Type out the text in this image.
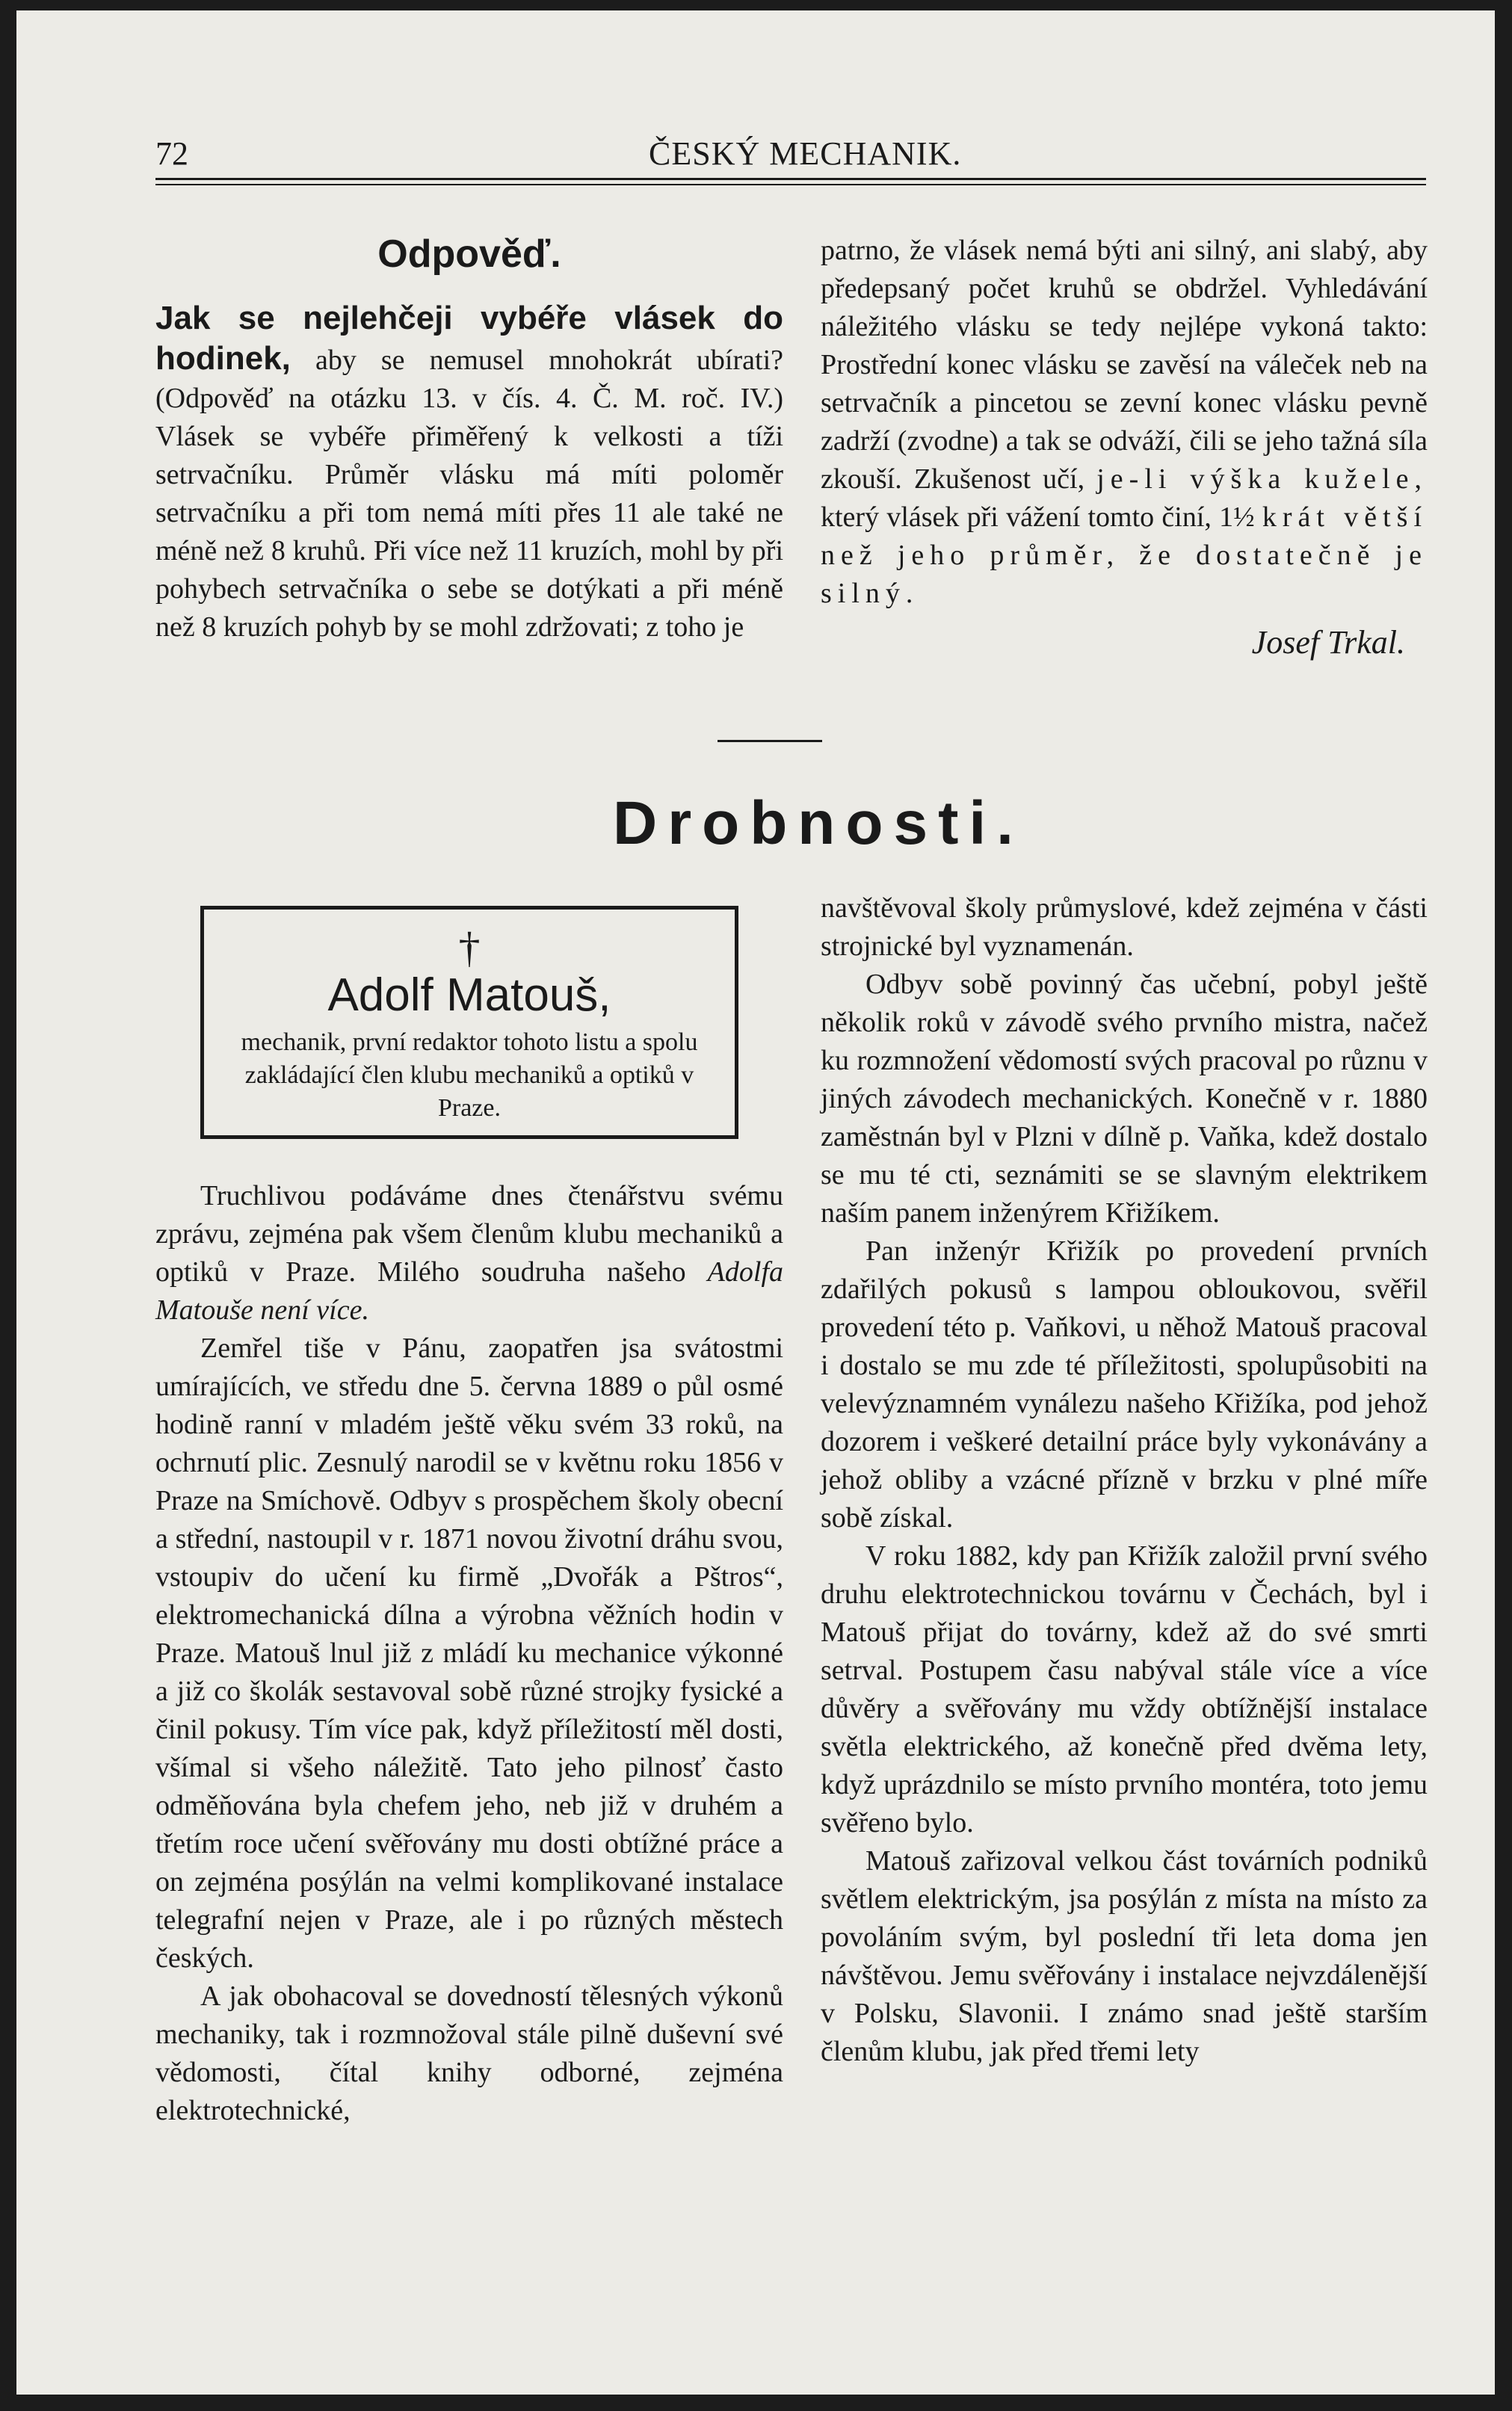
72	ČESKÝ MECHANIK.
Odpověď.

Jak se nejlehčeji vybéře vlásek do hodinek, aby se nemusel mnohokrát ubírati? (Odpověď na otázku 13. v čís. 4. Č. M. roč. IV.) Vlásek se vybéře přiměřený k velkosti a tíži setrvačníku. Průměr vlásku má míti poloměr setrvačníku a při tom nemá míti přes 11 ale také ne méně než 8 kruhů. Při více než 11 kruzích, mohl by při pohybech setrvačníka o sebe se dotýkati a při méně než 8 kruzích pohyb by se mohl zdržovati; z toho je

patrno, že vlásek nemá býti ani silný, ani slabý, aby předepsaný počet kruhů se obdržel. Vyhledávání náležitého vlásku se tedy nejlépe vykoná takto: Prostřední konec vlásku se zavěsí na váleček neb na setrvačník a pincetou se zevní konec vlásku pevně zadrží (zvodne) a tak se odváží, čili se jeho tažná síla zkouší. Zkušenost učí, je-li výška kužele, který vlásek při vážení tomto činí, 1½ krát větší než jeho průměr, že dostatečně je silný.

Josef Trkal.
Drobnosti.
†
Adolf Matouš,
mechanik, první redaktor tohoto listu a spolu zakládající člen klubu mechaniků a optiků v Praze.

Truchlivou podáváme dnes čtenářstvu svému zprávu, zejména pak všem členům klubu mechaniků a optiků v Praze. Milého soudruha našeho Adolfa Matouše není více.

Zemřel tiše v Pánu, zaopatřen jsa svátostmi umírajících, ve středu dne 5. června 1889 o půl osmé hodině ranní v mladém ještě věku svém 33 roků, na ochrnutí plic. Zesnulý narodil se v květnu roku 1856 v Praze na Smíchově. Odbyv s prospěchem školy obecní a střední, nastoupil v r. 1871 novou životní dráhu svou, vstoupiv do učení ku firmě „Dvořák a Pštros“, elektromechanická dílna a výrobna věžních hodin v Praze. Matouš lnul již z mládí ku mechanice výkonné a již co školák sestavoval sobě různé strojky fysické a činil pokusy. Tím více pak, když příležitostí měl dosti, všímal si všeho náležitě. Tato jeho pilnosť často odměňována byla chefem jeho, neb již v druhém a třetím roce učení svěřovány mu dosti obtížné práce a on zejména posýlán na velmi komplikované instalace telegrafní nejen v Praze, ale i po různých městech českých.

A jak obohacoval se dovedností tělesných výkonů mechaniky, tak i rozmnožoval stále pilně duševní své vědomosti, čítal knihy odborné, zejména elektrotechnické,

navštěvoval školy průmyslové, kdež zejména v části strojnické byl vyznamenán.

Odbyv sobě povinný čas učební, pobyl ještě několik roků v závodě svého prvního mistra, načež ku rozmnožení vědomostí svých pracoval po různu v jiných závodech mechanických. Konečně v r. 1880 zaměstnán byl v Plzni v dílně p. Vaňka, kdež dostalo se mu té cti, seznámiti se se slavným elektrikem naším panem inženýrem Křižíkem.

Pan inženýr Křižík po provedení prvních zdařilých pokusů s lampou obloukovou, svěřil provedení této p. Vaňkovi, u něhož Matouš pracoval i dostalo se mu zde té příležitosti, spolupůsobiti na velevýznamném vynálezu našeho Křižíka, pod jehož dozorem i veškeré detailní práce byly vykonávány a jehož obliby a vzácné přízně v brzku v plné míře sobě získal.

V roku 1882, kdy pan Křižík založil první svého druhu elektrotechnickou továrnu v Čechách, byl i Matouš přijat do továrny, kdež až do své smrti setrval. Postupem času nabýval stále více a více důvěry a svěřovány mu vždy obtížnější instalace světla elektrického, až konečně před dvěma lety, když uprázdnilo se místo prvního montéra, toto jemu svěřeno bylo.

Matouš zařizoval velkou část továrních podniků světlem elektrickým, jsa posýlán z místa na místo za povoláním svým, byl poslední tři leta doma jen návštěvou. Jemu svěřovány i instalace nejvzdálenější v Polsku, Slavonii. I známo snad ještě starším členům klubu, jak před třemi lety
